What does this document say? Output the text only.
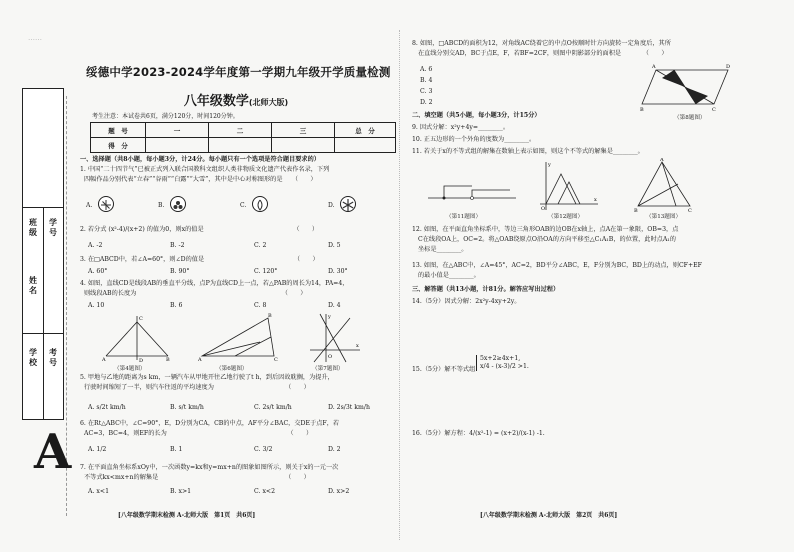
……
班级
学号
姓名
学校
考号
A
绥德中学2023-2024学年度第一学期九年级开学质量检测
八年级数学(北师大版)
考生注意：本试卷共6页，满分120分，时间120分钟。
题　号	一	二	三	总　分
得　分				
一、选择题（共8小题，每小题3分，计24分。每小题只有一个选项是符合题目要求的）
1. 中国“二十四节气”已被正式列入联合国教科文组织人类非物质文化遗产代表作名录，下列
四幅作品分别代表“立春”“谷雨”“白露”“大雪”，其中是中心对称图形的是　　（　　）
A.	B.	C.	D.
2. 若分式 (x²-4)/(x+2) 的值为0，则x的值是　　　　　　　　　　　　　　　（　　）
A. -2	B. -2	C. 2	D. 5
3. 在□ABCD中，若∠A=60°，则∠D的值是　　　　　　　　　　　　　　　（　　）
A. 60°	B. 90°	C. 120°	D. 30°
4. 如图，直线CD是线段AB的垂直平分线，点P为直线CD上一点，若△PAB的周长为14，PA=4，
则线段AB的长度为　　　　　　　　　　　　　　　　　　　　　　　　（　　）
A. 10	B. 6	C. 8	D. 4
A	B
C
D
（第4题图）
A
B
C
（第6题图）
O
x
y
（第7题图）
5. 甲地与乙地的距离为s km，一辆汽车从甲地开往乙地行驶了t h，到后因故耽搁，为提升，
行驶时间缩短了一半，则汽车往返的平均速度为　　　　　　　　　　　　（　　）
A. s/2t km/h	B. s/t km/h	C. 2s/t km/h	D. 2s/3t km/h
6. 在Rt△ABC中，∠C=90°，E，D分别为CA，CB的中点，AF平分∠BAC，交DE于点F，若
AC=3，BC=4，则EF的长为　　　　　　　　　　　　　　　　　　　　（　　）
A. 1/2	B. 1	C. 3/2	D. 2
7. 在平面直角坐标系xOy中，一次函数y=kx和y=mx+n的图象如图所示，则关于x的一元一次
不等式kx<mx+n的解集是　　　　　　　　　　　　　　　　　　　　　（　　）
A. x<1	B. x>1	C. x<2	D. x>2
[八年级数学期末检测 A-北师大版　第1页　共6页]
8. 如图，□ABCD的面积为12，对角线AC绕着它的中点O按顺时针方向旋转一定角度后，其所
在直线分别交AD，BC于点E，F，若BF=2CF，则图中阴影部分的面积是　　　　（　　）
A. 6
B. 4
C. 3
D. 2
A	D
B	C
（第8题图）
二、填空题（共5小题，每小题3分，计15分）
9. 因式分解：x²y+4y=________。
10. 正五边形的一个外角的度数为________。
11. 若关于x的不等式组的解集在数轴上表示如图，则这个不等式的解集是________。
（第11题图）
O
x
y
（第12题图）
A
B	C
（第13题图）
12. 如图，在平面直角坐标系中，等边三角形OAB的边OB在x轴上，点A在第一象限，OB=3，点
C在线段OA上，OC=2。将△OAB绕原点O沿OA的方向平移至△C₁A₁B，的位置，此时点A₁的
坐标是________。
13. 如图，在△ABC中，∠A=45°，AC=2，BD平分∠ABC，E，F分别为BC，BD上的动点，则CF+EF
的最小值是________。
三、解答题（共13小题，计81分。解答应写出过程）
14.（5分）因式分解：2x²y-4xy+2y。
15.（5分）解不等式组：
5x+2≥4x+1,
x/4 - (x-3)/2 >1.
16.（5分）解方程：4/(x²-1) = (x+2)/(x-1) -1.
[八年级数学期末检测 A-北师大版　第2页　共6页]
